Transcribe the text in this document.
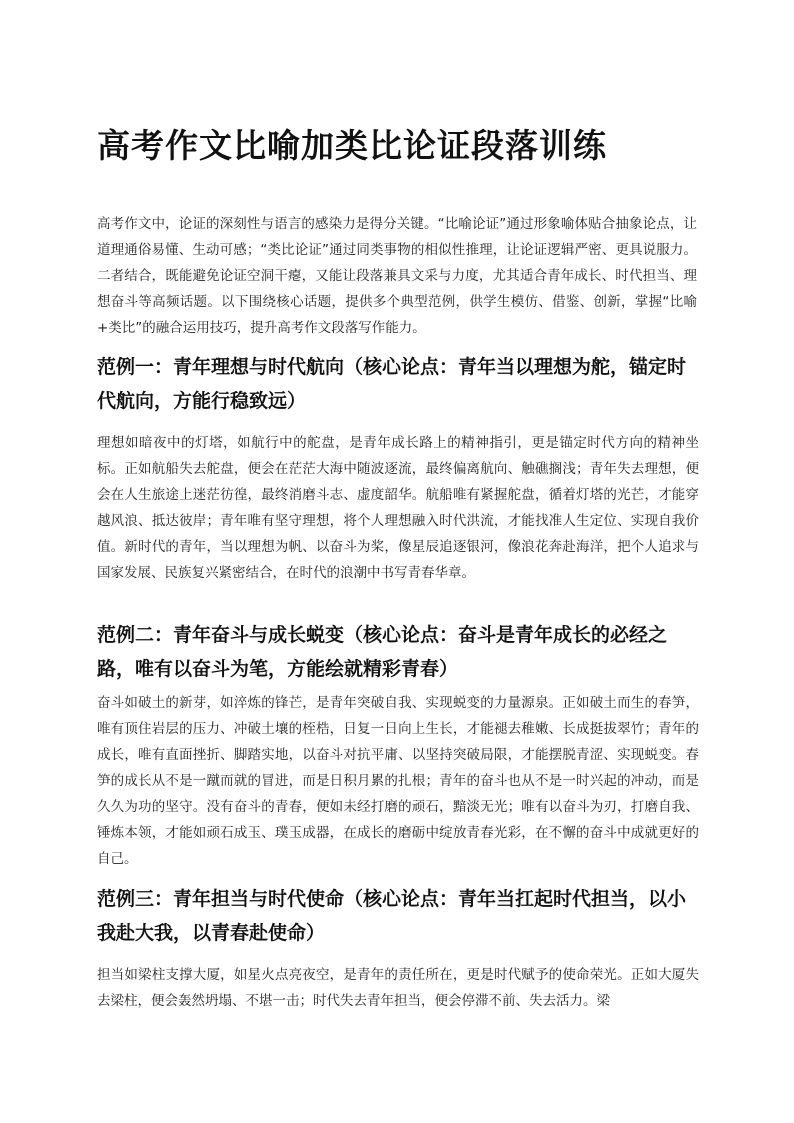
高考作文比喻加类比论证段落训练

高考作文中，论证的深刻性与语言的感染力是得分关键。“比喻论证”通过形象喻体贴合抽象论点，让道理通俗易懂、生动可感；“类比论证”通过同类事物的相似性推理，让论证逻辑严密、更具说服力。二者结合，既能避免论证空洞干瘪，又能让段落兼具文采与力度，尤其适合青年成长、时代担当、理想奋斗等高频话题。以下围绕核心话题，提供多个典型范例，供学生模仿、借鉴、创新，掌握“比喻+类比”的融合运用技巧，提升高考作文段落写作能力。

范例一：青年理想与时代航向（核心论点：青年当以理想为舵，锚定时代航向，方能行稳致远）

理想如暗夜中的灯塔，如航行中的舵盘，是青年成长路上的精神指引，更是锚定时代方向的精神坐标。正如航船失去舵盘，便会在茫茫大海中随波逐流，最终偏离航向、触礁搁浅；青年失去理想，便会在人生旅途上迷茫彷徨，最终消磨斗志、虚度韶华。航船唯有紧握舵盘，循着灯塔的光芒，才能穿越风浪、抵达彼岸；青年唯有坚守理想，将个人理想融入时代洪流，才能找准人生定位、实现自我价值。新时代的青年，当以理想为帆、以奋斗为桨，像星辰追逐银河，像浪花奔赴海洋，把个人追求与国家发展、民族复兴紧密结合，在时代的浪潮中书写青春华章。

范例二：青年奋斗与成长蜕变（核心论点：奋斗是青年成长的必经之路，唯有以奋斗为笔，方能绘就精彩青春）

奋斗如破土的新芽，如淬炼的锋芒，是青年突破自我、实现蜕变的力量源泉。正如破土而生的春笋，唯有顶住岩层的压力、冲破土壤的桎梏，日复一日向上生长，才能褪去稚嫩、长成挺拔翠竹；青年的成长，唯有直面挫折、脚踏实地，以奋斗对抗平庸、以坚持突破局限，才能摆脱青涩、实现蜕变。春笋的成长从不是一蹴而就的冒进，而是日积月累的扎根；青年的奋斗也从不是一时兴起的冲动，而是久久为功的坚守。没有奋斗的青春，便如未经打磨的顽石，黯淡无光；唯有以奋斗为刃，打磨自我、锤炼本领，才能如顽石成玉、璞玉成器，在成长的磨砺中绽放青春光彩，在不懈的奋斗中成就更好的自己。

范例三：青年担当与时代使命（核心论点：青年当扛起时代担当，以小我赴大我，以青春赴使命）

担当如梁柱支撑大厦，如星火点亮夜空，是青年的责任所在，更是时代赋予的使命荣光。正如大厦失去梁柱，便会轰然坍塌、不堪一击；时代失去青年担当，便会停滞不前、失去活力。梁
